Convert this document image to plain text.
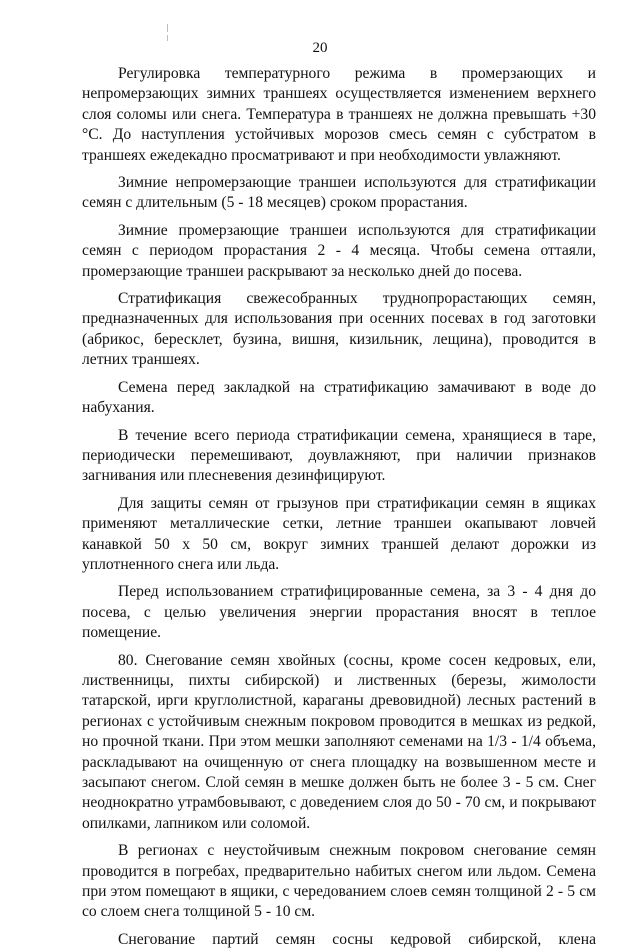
20

Регулировка температурного режима в промерзающих и непромерзающих зимних траншеях осуществляется изменением верхнего слоя соломы или снега. Температура в траншеях не должна превышать +30 °С. До наступления устойчивых морозов смесь семян с субстратом в траншеях ежедекадно просматривают и при необходимости увлажняют.

Зимние непромерзающие траншеи используются для стратификации семян с длительным (5 - 18 месяцев) сроком прорастания.

Зимние промерзающие траншеи используются для стратификации семян с периодом прорастания 2 - 4 месяца. Чтобы семена оттаяли, промерзающие траншеи раскрывают за несколько дней до посева.

Стратификация свежесобранных труднопрорастающих семян, предназначенных для использования при осенних посевах в год заготовки (абрикос, бересклет, бузина, вишня, кизильник, лещина), проводится в летних траншеях.

Семена перед закладкой на стратификацию замачивают в воде до набухания.

В течение всего периода стратификации семена, хранящиеся в таре, периодически перемешивают, доувлажняют, при наличии признаков загнивания или плесневения дезинфицируют.

Для защиты семян от грызунов при стратификации семян в ящиках применяют металлические сетки, летние траншеи окапывают ловчей канавкой 50 х 50 см, вокруг зимних траншей делают дорожки из уплотненного снега или льда.

Перед использованием стратифицированные семена, за 3 - 4 дня до посева, с целью увеличения энергии прорастания вносят в теплое помещение.

80. Снегование семян хвойных (сосны, кроме сосен кедровых, ели, лиственницы, пихты сибирской) и лиственных (березы, жимолости татарской, ирги круглолистной, караганы древовидной) лесных растений в регионах с устойчивым снежным покровом проводится в мешках из редкой, но прочной ткани. При этом мешки заполняют семенами на 1/3 - 1/4 объема, раскладывают на очищенную от снега площадку на возвышенном месте и засыпают снегом. Слой семян в мешке должен быть не более 3 - 5 см. Снег неоднократно утрамбовывают, с доведением слоя до 50 - 70 см, и покрывают опилками, лапником или соломой.

В регионах с неустойчивым снежным покровом снегование семян проводится в погребах, предварительно набитых снегом или льдом. Семена при этом помещают в ящики, с чередованием слоев семян толщиной 2 - 5 см со слоем снега толщиной 5 - 10 см.

Снегование партий семян сосны кедровой сибирской, клена
